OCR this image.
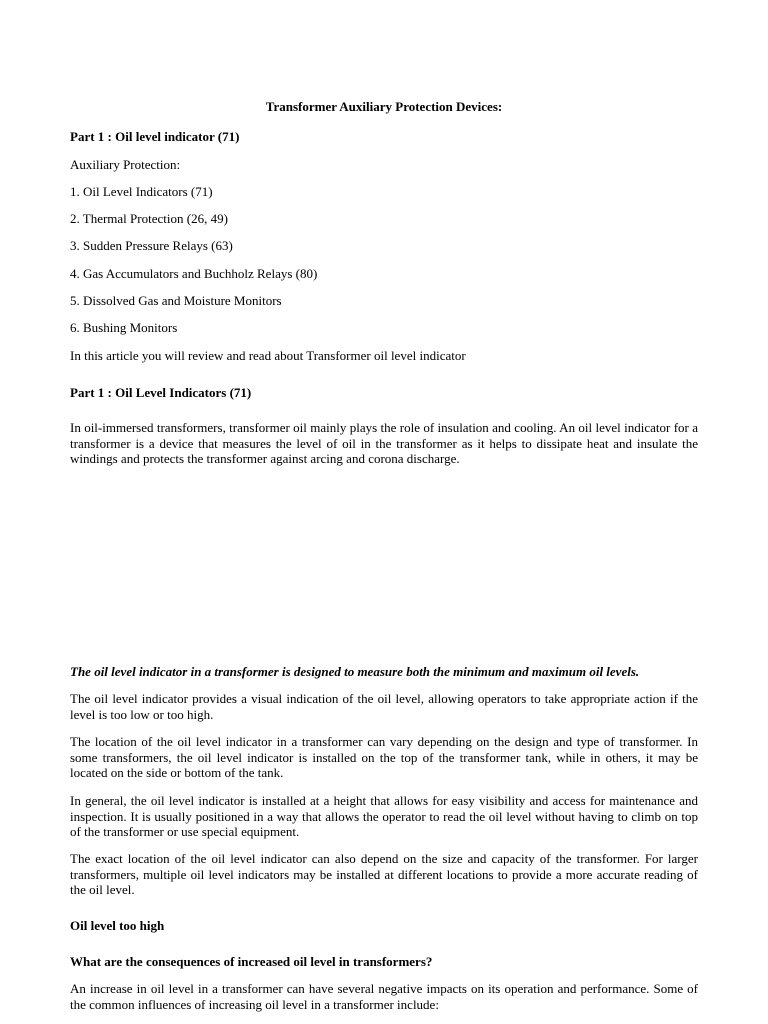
Transformer Auxiliary Protection Devices:
Part 1 : Oil level indicator (71)
Auxiliary Protection:
1. Oil Level Indicators (71)
2. Thermal Protection (26, 49)
3. Sudden Pressure Relays (63)
4. Gas Accumulators and Buchholz Relays (80)
5. Dissolved Gas and Moisture Monitors
6. Bushing Monitors
In this article you will review and read about Transformer oil level indicator
Part 1 : Oil Level Indicators (71)
In oil-immersed transformers, transformer oil mainly plays the role of insulation and cooling. An oil level indicator for a transformer is a device that measures the level of oil in the transformer as it helps to dissipate heat and insulate the windings and protects the transformer against arcing and corona discharge.
The oil level indicator in a transformer is designed to measure both the minimum and maximum oil levels.
The oil level indicator provides a visual indication of the oil level, allowing operators to take appropriate action if the level is too low or too high.
The location of the oil level indicator in a transformer can vary depending on the design and type of transformer. In some transformers, the oil level indicator is installed on the top of the transformer tank, while in others, it may be located on the side or bottom of the tank.
In general, the oil level indicator is installed at a height that allows for easy visibility and access for maintenance and inspection. It is usually positioned in a way that allows the operator to read the oil level without having to climb on top of the transformer or use special equipment.
The exact location of the oil level indicator can also depend on the size and capacity of the transformer. For larger transformers, multiple oil level indicators may be installed at different locations to provide a more accurate reading of the oil level.
Oil level too high
What are the consequences of increased oil level in transformers?
An increase in oil level in a transformer can have several negative impacts on its operation and performance. Some of the common influences of increasing oil level in a transformer include:
